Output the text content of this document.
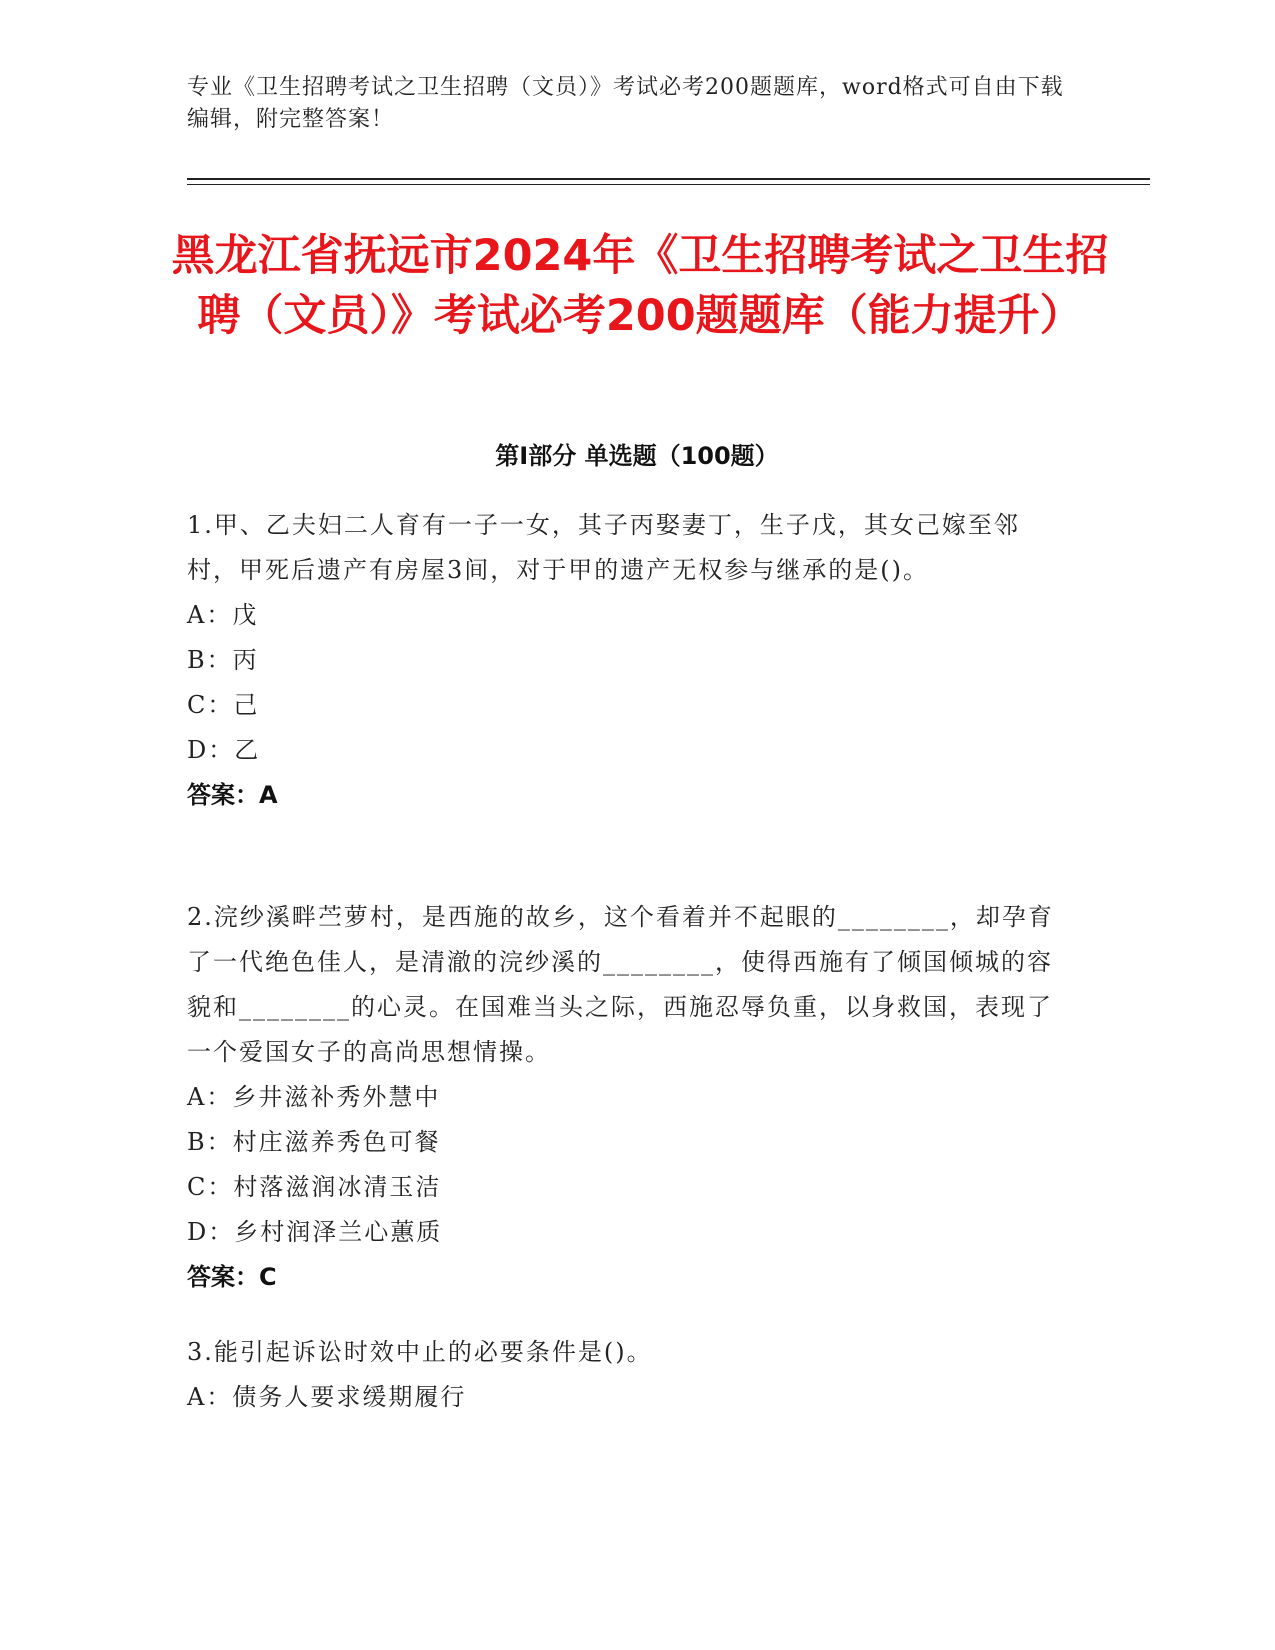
专业《卫生招聘考试之卫生招聘（文员）》考试必考200题题库，word格式可自由下载编辑，附完整答案！
黑龙江省抚远市2024年《卫生招聘考试之卫生招聘（文员）》考试必考200题题库（能力提升）
第Ⅰ部分 单选题（100题）
1.甲、乙夫妇二人育有一子一女，其子丙娶妻丁，生子戊，其女己嫁至邻村，甲死后遗产有房屋3间，对于甲的遗产无权参与继承的是()。
A：戊
B：丙
C：己
D：乙
答案：A
2.浣纱溪畔苎萝村，是西施的故乡，这个看着并不起眼的________，却孕育了一代绝色佳人，是清澈的浣纱溪的________，使得西施有了倾国倾城的容貌和________的心灵。在国难当头之际，西施忍辱负重，以身救国，表现了一个爱国女子的高尚思想情操。
A：乡井滋补秀外慧中
B：村庄滋养秀色可餐
C：村落滋润冰清玉洁
D：乡村润泽兰心蕙质
答案：C
3.能引起诉讼时效中止的必要条件是()。
A：债务人要求缓期履行
